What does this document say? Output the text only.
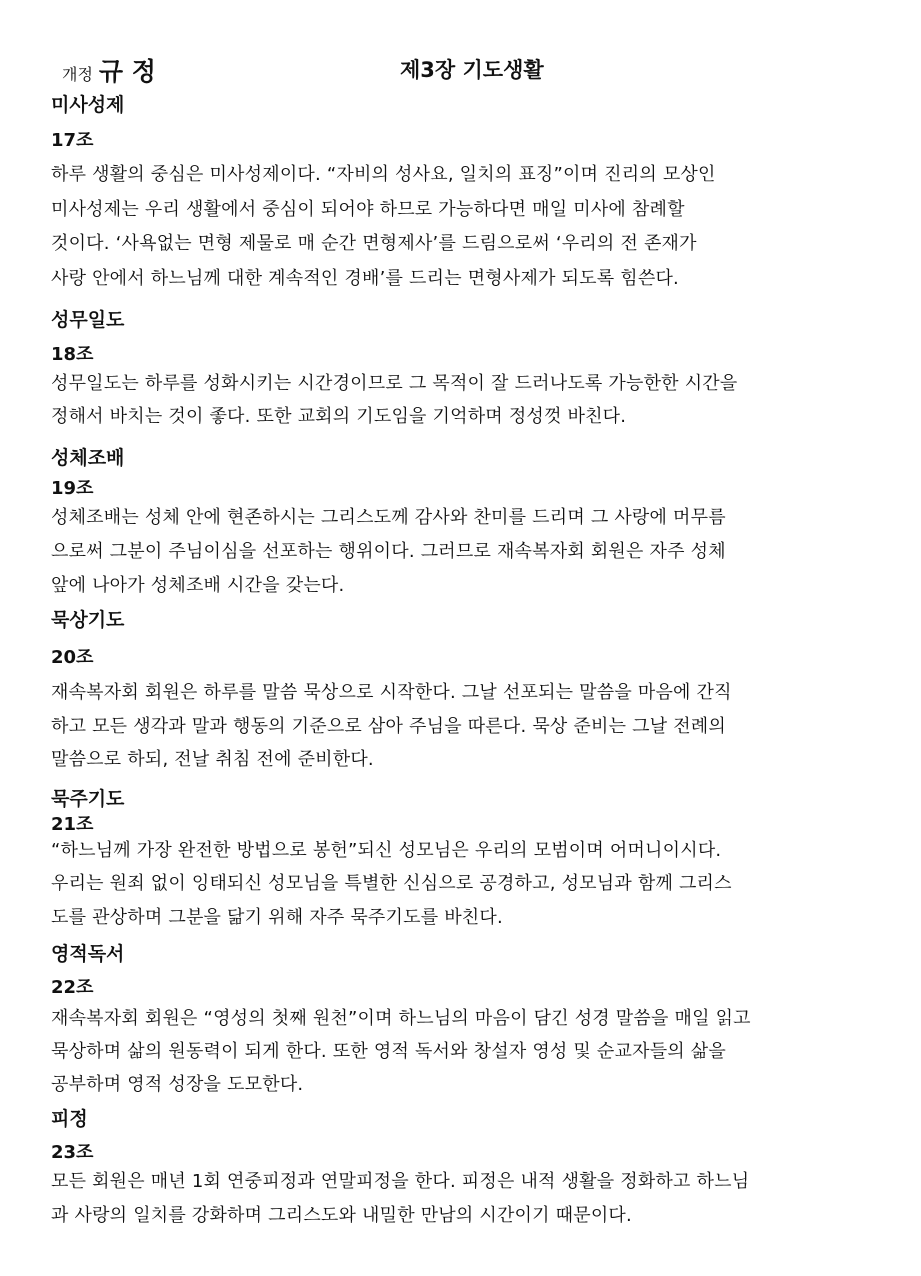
개정 규 정	제3장 기도생활
미사성제
17조
하루 생활의 중심은 미사성제이다. “자비의 성사요, 일치의 표징”이며 진리의 모상인
미사성제는 우리 생활에서 중심이 되어야 하므로 가능하다면 매일 미사에 참례할
것이다. ‘사욕없는 면형 제물로 매 순간 면형제사’를 드림으로써 ‘우리의 전 존재가
사랑 안에서 하느님께 대한 계속적인 경배’를 드리는 면형사제가 되도록 힘쓴다.
성무일도
18조
성무일도는 하루를 성화시키는 시간경이므로 그 목적이 잘 드러나도록 가능한한 시간을
정해서 바치는 것이 좋다. 또한 교회의 기도임을 기억하며 정성껏 바친다.
성체조배
19조
성체조배는 성체 안에 현존하시는 그리스도께 감사와 찬미를 드리며 그 사랑에 머무름
으로써 그분이 주님이심을 선포하는 행위이다. 그러므로 재속복자회 회원은 자주 성체
앞에 나아가 성체조배 시간을 갖는다.
묵상기도
20조
재속복자회 회원은 하루를 말씀 묵상으로 시작한다. 그날 선포되는 말씀을 마음에 간직
하고 모든 생각과 말과 행동의 기준으로 삼아 주님을 따른다. 묵상 준비는 그날 전례의
말씀으로 하되, 전날 취침 전에 준비한다.
묵주기도
21조
“하느님께 가장 완전한 방법으로 봉헌”되신 성모님은 우리의 모범이며 어머니이시다.
우리는 원죄 없이 잉태되신 성모님을 특별한 신심으로 공경하고, 성모님과 함께 그리스
도를 관상하며 그분을 닮기 위해 자주 묵주기도를 바친다.
영적독서
22조
재속복자회 회원은 “영성의 첫째 원천”이며 하느님의 마음이 담긴 성경 말씀을 매일 읽고
묵상하며 삶의 원동력이 되게 한다. 또한 영적 독서와 창설자 영성 및 순교자들의 삶을
공부하며 영적 성장을 도모한다.
피정
23조
모든 회원은 매년 1회 연중피정과 연말피정을 한다. 피정은 내적 생활을 정화하고 하느님
과 사랑의 일치를 강화하며 그리스도와 내밀한 만남의 시간이기 때문이다.
